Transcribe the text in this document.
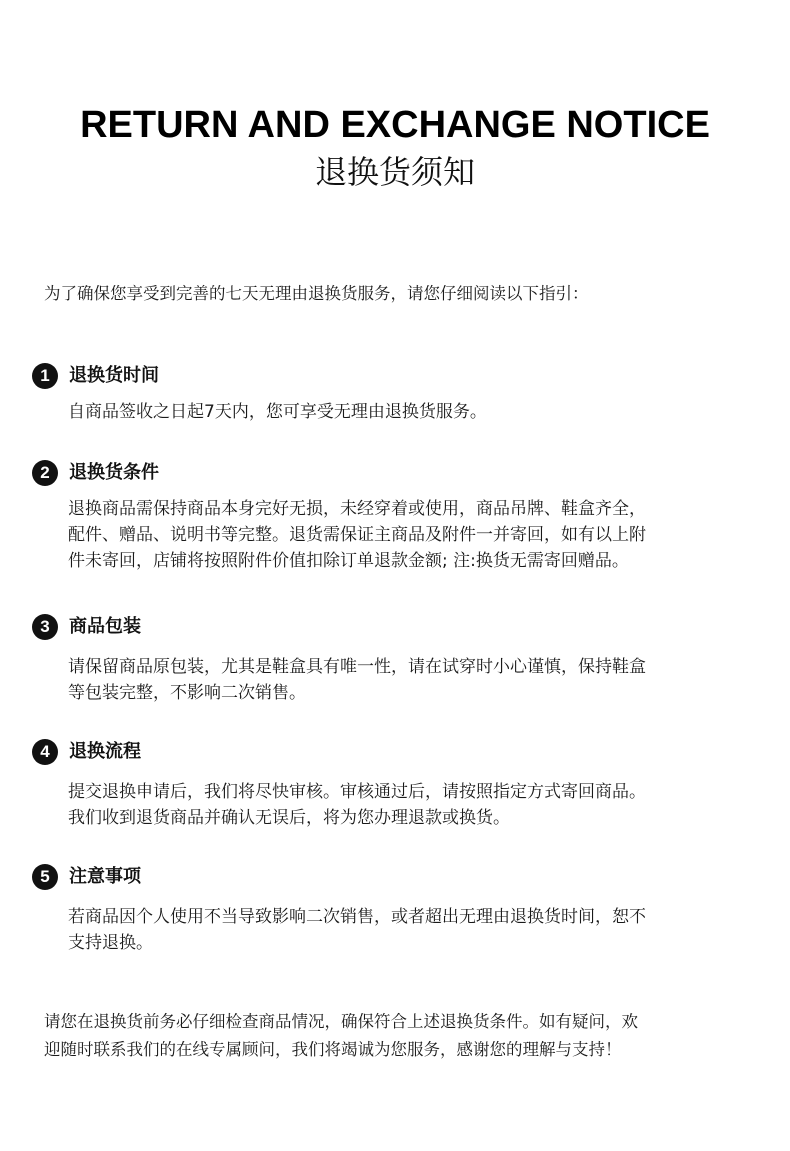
RETURN AND EXCHANGE NOTICE
退换货须知
为了确保您享受到完善的七天无理由退换货服务，请您仔细阅读以下指引：
1	退换货时间
自商品签收之日起7天内，您可享受无理由退换货服务。
2	退换货条件
退换商品需保持商品本身完好无损，未经穿着或使用，商品吊牌、鞋盒齐全，
配件、赠品、说明书等完整。退货需保证主商品及附件一并寄回，如有以上附
件未寄回，店铺将按照附件价值扣除订单退款金额; 注:换货无需寄回赠品。
3	商品包装
请保留商品原包装，尤其是鞋盒具有唯一性，请在试穿时小心谨慎，保持鞋盒
等包装完整，不影响二次销售。
4	退换流程
提交退换申请后，我们将尽快审核。审核通过后，请按照指定方式寄回商品。
我们收到退货商品并确认无误后，将为您办理退款或换货。
5	注意事项
若商品因个人使用不当导致影响二次销售，或者超出无理由退换货时间，恕不
支持退换。
请您在退换货前务必仔细检查商品情况，确保符合上述退换货条件。如有疑问，欢
迎随时联系我们的在线专属顾问，我们将竭诚为您服务，感谢您的理解与支持！
